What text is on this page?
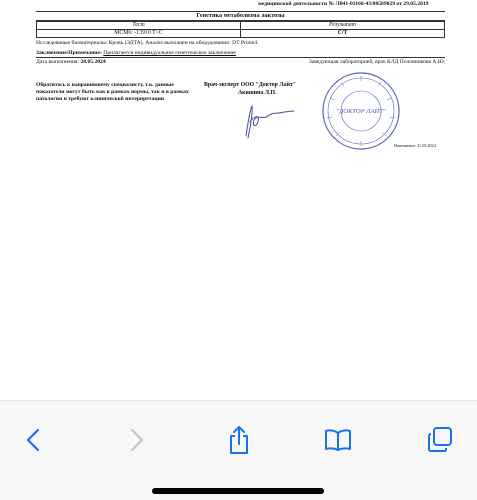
медицинской деятельности № Л041-01160-43/00589029 от 29.05.2019
Генетика метаболизма лактозы
Тест	Результат
MCM6: -13910 T>C	C/T
Исследованые биоматериалы: Кровь (ЭДТА). Анализ выполнен на оборудовании: DT Prime4.
Заключение/Примечание: Прилагается индивидуальное генетическое заключение
Дата выполнения: 28.05.2024	Заведующая лабораторией, врач КЛД Половникова А.Ю.
Обратитесь к направившему специалисту, т.к. данные показатели могут быть как в рамках нормы, так и в рамках патологии и требуют клинической интерпретации
Врач-эксперт ООО "Доктор Лайт"
Акишина Л.П.
"ДОКТОР ЛАЙТ"
Напечатано: 31.05.2024
